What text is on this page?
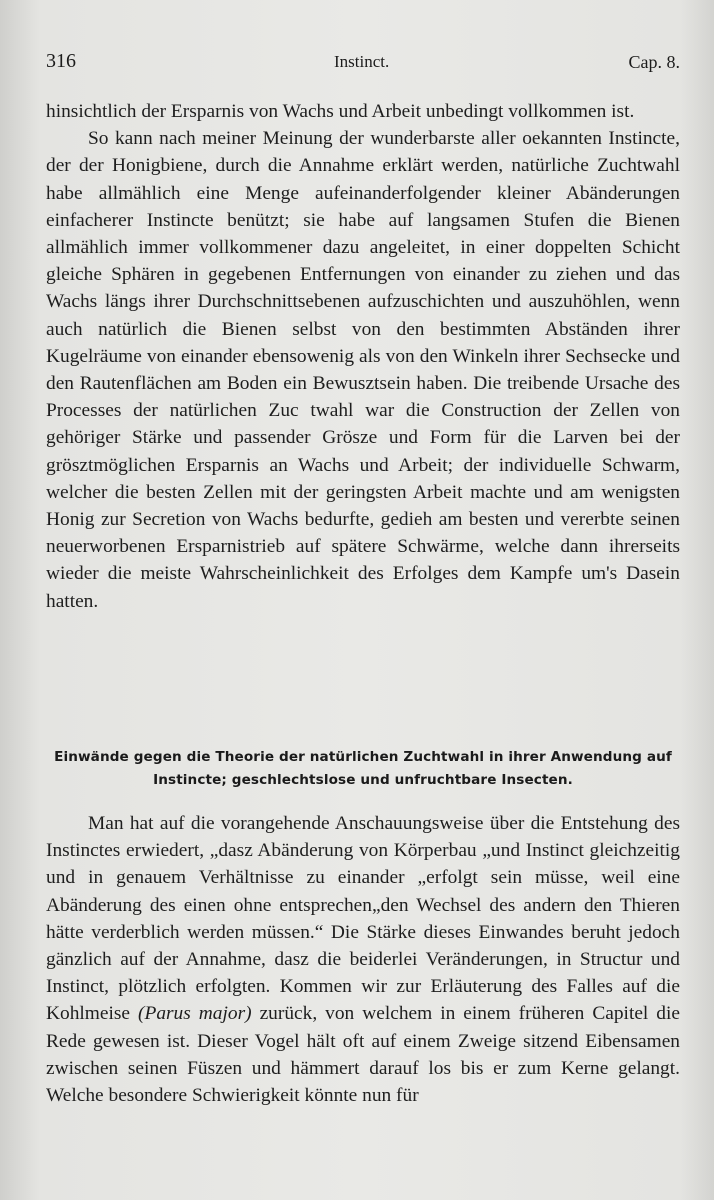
316	Instinct.	Cap. 8.

hinsichtlich der Ersparnis von Wachs und Arbeit unbedingt vollkommen ist.

So kann nach meiner Meinung der wunderbarste aller oekannten Instincte, der der Honigbiene, durch die Annahme erklärt werden, natürliche Zuchtwahl habe allmählich eine Menge aufeinanderfolgender kleiner Abänderungen einfacherer Instincte benützt; sie habe auf langsamen Stufen die Bienen allmählich immer vollkommener dazu angeleitet, in einer doppelten Schicht gleiche Sphären in gegebenen Entfernungen von einander zu ziehen und das Wachs längs ihrer Durchschnittsebenen aufzuschichten und auszuhöhlen, wenn auch natürlich die Bienen selbst von den bestimmten Abständen ihrer Kugelräume von einander ebensowenig als von den Winkeln ihrer Sechsecke und den Rautenflächen am Boden ein Bewusztsein haben. Die treibende Ursache des Processes der natürlichen Zuc twahl war die Construction der Zellen von gehöriger Stärke und passender Grösze und Form für die Larven bei der grösztmöglichen Ersparnis an Wachs und Arbeit; der individuelle Schwarm, welcher die besten Zellen mit der geringsten Arbeit machte und am wenigsten Honig zur Secretion von Wachs bedurfte, gedieh am besten und vererbte seinen neuerworbenen Ersparnistrieb auf spätere Schwärme, welche dann ihrerseits wieder die meiste Wahrscheinlichkeit des Erfolges dem Kampfe um's Dasein hatten.

Einwände gegen die Theorie der natürlichen Zuchtwahl in ihrer Anwendung auf
Instincte; geschlechtslose und unfruchtbare Insecten.

Man hat auf die vorangehende Anschauungsweise über die Entstehung des Instinctes erwiedert, „dasz Abänderung von Körperbau „und Instinct gleichzeitig und in genauem Verhältnisse zu einander „erfolgt sein müsse, weil eine Abänderung des einen ohne entsprechen„den Wechsel des andern den Thieren hätte verderblich werden müssen.“ Die Stärke dieses Einwandes beruht jedoch gänzlich auf der Annahme, dasz die beiderlei Veränderungen, in Structur und Instinct, plötzlich erfolgten. Kommen wir zur Erläuterung des Falles auf die Kohlmeise (Parus major) zurück, von welchem in einem früheren Capitel die Rede gewesen ist. Dieser Vogel hält oft auf einem Zweige sitzend Eibensamen zwischen seinen Füszen und hämmert darauf los bis er zum Kerne gelangt. Welche besondere Schwierigkeit könnte nun für
